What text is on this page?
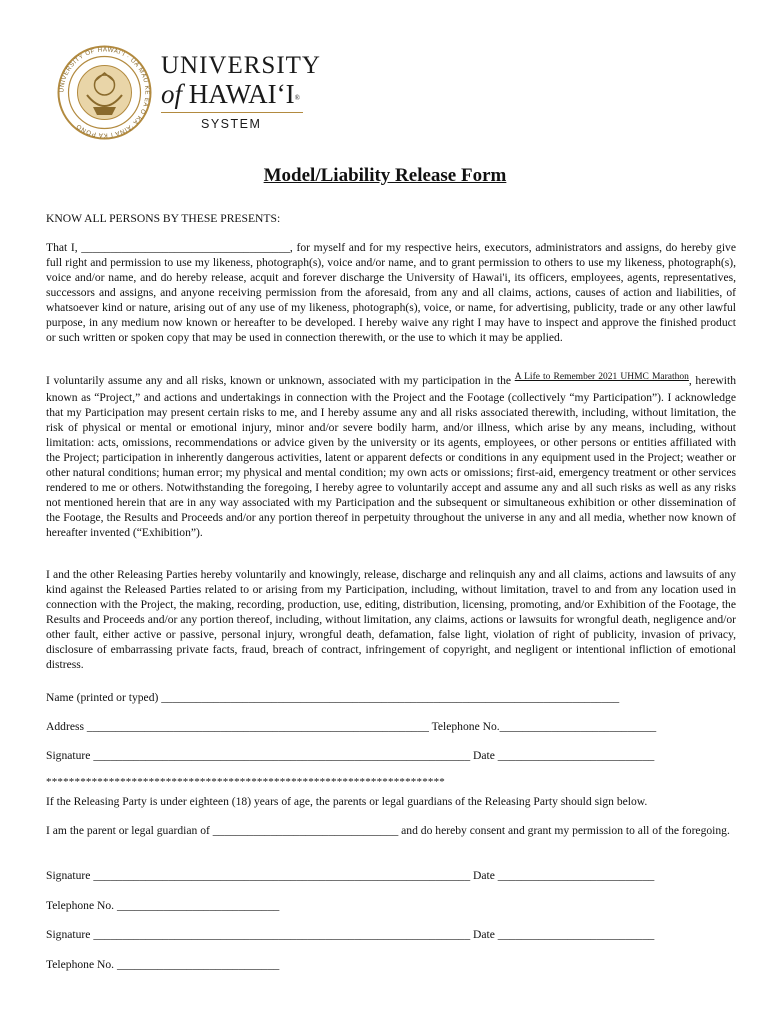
UNIVERSITY OF HAWAI‘I · UA MAU KE EA O KA ʻĀINA I KA PONO
UNIVERSITY
of HAWAI‘I®
SYSTEM
Model/Liability Release Form

KNOW ALL PERSONS BY THESE PRESENTS:

That I, ____________________________________, for myself and for my respective heirs, executors, administrators and assigns, do hereby give full right and permission to use my likeness, photograph(s), voice and/or name, and to grant permission to others to use my likeness, photograph(s), voice and/or name, and do hereby release, acquit and forever discharge the University of Hawai'i, its officers, employees, agents, representatives, successors and assigns, and anyone receiving permission from the aforesaid, from any and all claims, actions, causes of action and liabilities, of whatsoever kind or nature, arising out of any use of my likeness, photograph(s), voice, or name, for advertising, publicity, trade or any other lawful purpose, in any medium now known or hereafter to be developed. I hereby waive any right I may have to inspect and approve the finished product or such written or spoken copy that may be used in connection therewith, or the use to which it may be applied.

I voluntarily assume any and all risks, known or unknown, associated with my participation in the $^{A Life to Remember 2021 UHMC Marathon}$, herewith known as “Project,” and actions and undertakings in connection with the Project and the Footage (collectively “my Participation”). I acknowledge that my Participation may present certain risks to me, and I hereby assume any and all risks associated therewith, including, without limitation, the risk of physical or mental or emotional injury, minor and/or severe bodily harm, and/or illness, which arise by any means, including, without limitation: acts, omissions, recommendations or advice given by the university or its agents, employees, or other persons or entities affiliated with the Project; participation in inherently dangerous activities, latent or apparent defects or conditions in any equipment used in the Project; weather or other natural conditions; human error; my physical and mental condition; my own acts or omissions; first-aid, emergency treatment or other services rendered to me or others. Notwithstanding the foregoing, I hereby agree to voluntarily accept and assume any and all such risks as well as any risks not mentioned herein that are in any way associated with my Participation and the subsequent or simultaneous exhibition or other dissemination of the Footage, the Results and Proceeds and/or any portion thereof in perpetuity throughout the universe in any and all media, whether now known of hereafter invented (“Exhibition”).

I and the other Releasing Parties hereby voluntarily and knowingly, release, discharge and relinquish any and all claims, actions and lawsuits of any kind against the Released Parties related to or arising from my Participation, including, without limitation, travel to and from any location used in connection with the Project, the making, recording, production, use, editing, distribution, licensing, promoting, and/or Exhibition of the Footage, the Results and Proceeds and/or any portion thereof, including, without limitation, any claims, actions or lawsuits for wrongful death, negligence and/or other fault, either active or passive, personal injury, wrongful death, defamation, false light, violation of right of publicity, invasion of privacy, disclosure of embarrassing private facts, fraud, breach of contract, infringement of copyright, and negligent or intentional infliction of emotional distress.

Name (printed or typed) _______________________________________________________________________________
Address ___________________________________________________________ Telephone No.___________________________
Signature _________________________________________________________________ Date ___________________________
**********************************************************************
If the Releasing Party is under eighteen (18) years of age, the parents or legal guardians of the Releasing Party should sign below.

I am the parent or legal guardian of ________________________________ and do hereby consent and grant my permission to all of the foregoing.

Signature _________________________________________________________________ Date ___________________________
Telephone No. ____________________________
Signature _________________________________________________________________ Date ___________________________
Telephone No. ____________________________
